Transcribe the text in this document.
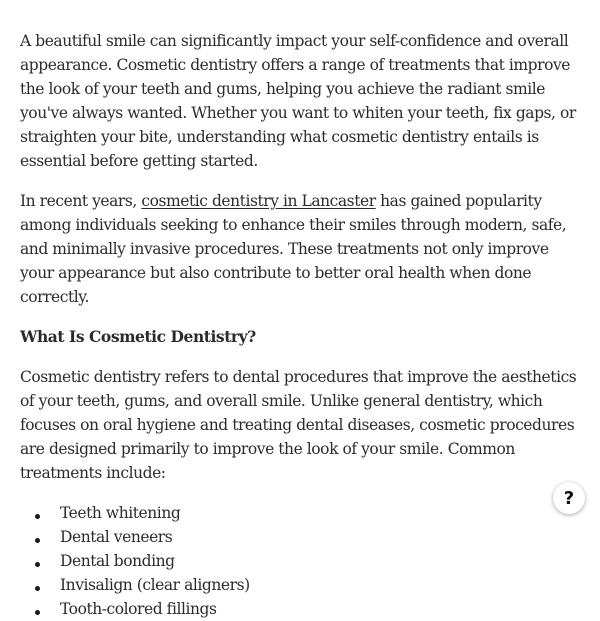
A beautiful smile can significantly impact your self-confidence and overall appearance. Cosmetic dentistry offers a range of treatments that improve the look of your teeth and gums, helping you achieve the radiant smile you've always wanted. Whether you want to whiten your teeth, fix gaps, or straighten your bite, understanding what cosmetic dentistry entails is essential before getting started.

In recent years, cosmetic dentistry in Lancaster has gained popularity among individuals seeking to enhance their smiles through modern, safe, and minimally invasive procedures. These treatments not only improve your appearance but also contribute to better oral health when done correctly.

What Is Cosmetic Dentistry?

Cosmetic dentistry refers to dental procedures that improve the aesthetics of your teeth, gums, and overall smile. Unlike general dentistry, which focuses on oral hygiene and treating dental diseases, cosmetic procedures are designed primarily to improve the look of your smile. Common treatments include:

Teeth whitening
Dental veneers
Dental bonding
Invisalign (clear aligners)
Tooth-colored fillings
?
